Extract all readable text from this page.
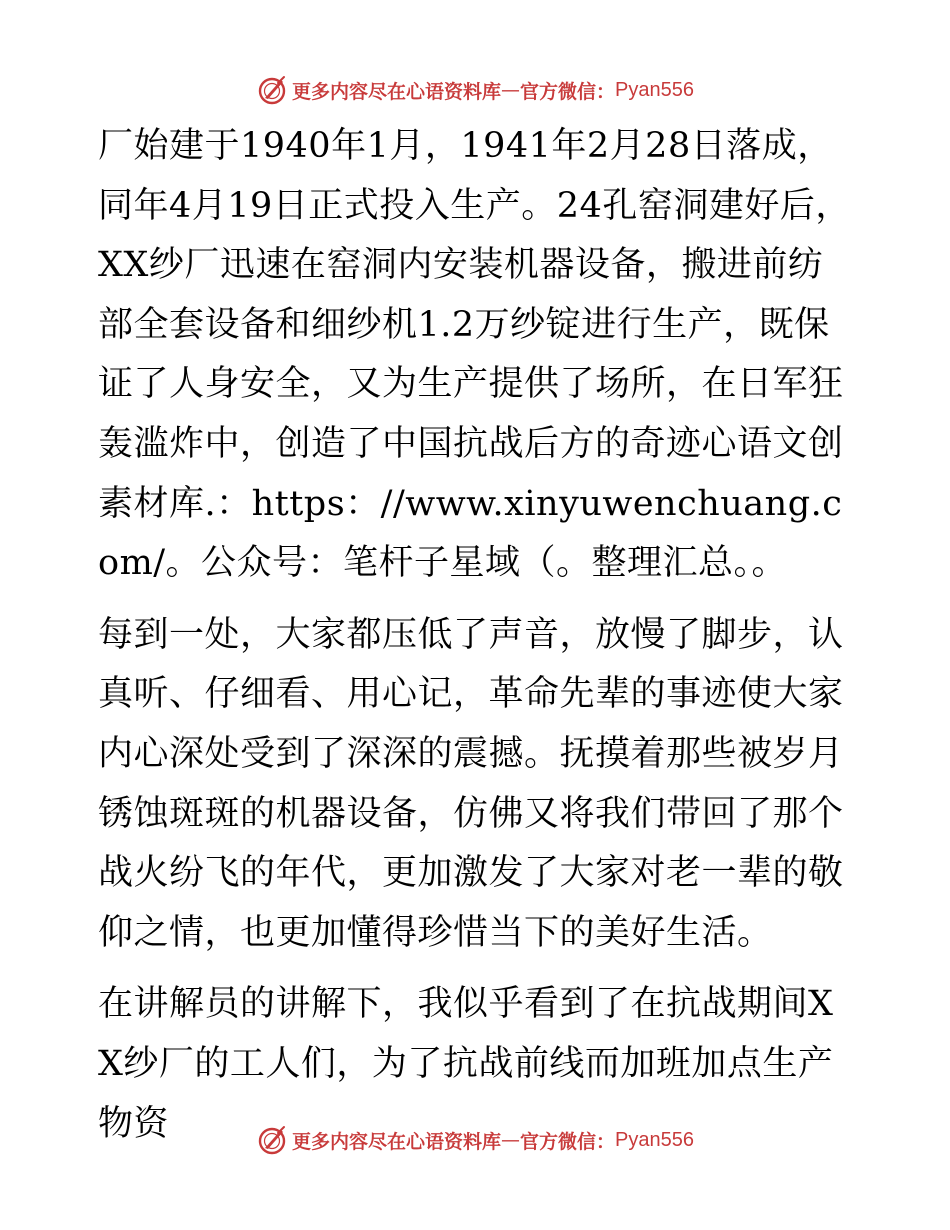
更多内容尽在心语资料库 — 官方微信： Pyan556

厂始建于1940年1月，1941年2月28日落成，同年4月19日正式投入生产。24孔窑洞建好后，XX纱厂迅速在窑洞内安装机器设备，搬进前纺部全套设备和细纱机1.2万纱锭进行生产，既保证了人身安全，又为生产提供了场所，在日军狂轰滥炸中，创造了中国抗战后方的奇迹心语文创素材库.：https：//www.xinyuwenchuang.com/。公众号：笔杆子星域（。整理汇总。。

每到一处，大家都压低了声音，放慢了脚步，认真听、仔细看、用心记，革命先辈的事迹使大家内心深处受到了深深的震撼。抚摸着那些被岁月锈蚀斑斑的机器设备，仿佛又将我们带回了那个战火纷飞的年代，更加激发了大家对老一辈的敬仰之情，也更加懂得珍惜当下的美好生活。

在讲解员的讲解下，我似乎看到了在抗战期间XX纱厂的工人们，为了抗战前线而加班加点生产物资	更多内容尽在心语资料库 — 官方微信： Pyan556
